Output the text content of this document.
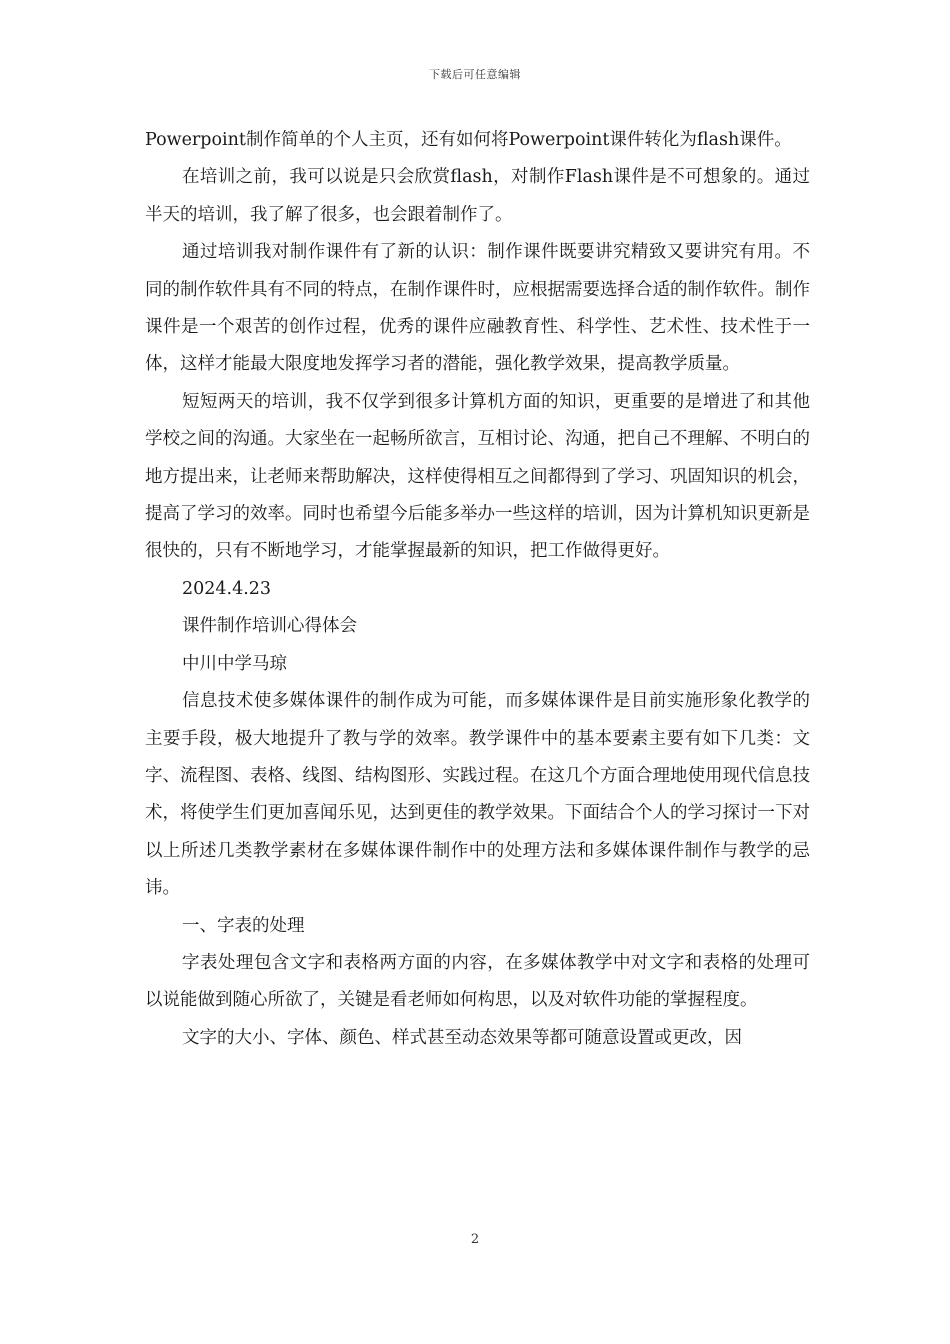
下载后可任意编辑

Powerpoint制作简单的个人主页，还有如何将Powerpoint课件转化为flash课件。

在培训之前，我可以说是只会欣赏flash，对制作Flash课件是不可想象的。通过半天的培训，我了解了很多，也会跟着制作了。

通过培训我对制作课件有了新的认识：制作课件既要讲究精致又要讲究有用。不同的制作软件具有不同的特点，在制作课件时，应根据需要选择合适的制作软件。制作课件是一个艰苦的创作过程，优秀的课件应融教育性、科学性、艺术性、技术性于一体，这样才能最大限度地发挥学习者的潜能，强化教学效果，提高教学质量。

短短两天的培训，我不仅学到很多计算机方面的知识，更重要的是增进了和其他学校之间的沟通。大家坐在一起畅所欲言，互相讨论、沟通，把自己不理解、不明白的地方提出来，让老师来帮助解决，这样使得相互之间都得到了学习、巩固知识的机会，提高了学习的效率。同时也希望今后能多举办一些这样的培训，因为计算机知识更新是很快的，只有不断地学习，才能掌握最新的知识，把工作做得更好。

2024.4.23

课件制作培训心得体会

中川中学马琼

信息技术使多媒体课件的制作成为可能，而多媒体课件是目前实施形象化教学的主要手段，极大地提升了教与学的效率。教学课件中的基本要素主要有如下几类：文字、流程图、表格、线图、结构图形、实践过程。在这几个方面合理地使用现代信息技术，将使学生们更加喜闻乐见，达到更佳的教学效果。下面结合个人的学习探讨一下对以上所述几类教学素材在多媒体课件制作中的处理方法和多媒体课件制作与教学的忌讳。

一、字表的处理

字表处理包含文字和表格两方面的内容，在多媒体教学中对文字和表格的处理可以说能做到随心所欲了，关键是看老师如何构思，以及对软件功能的掌握程度。

文字的大小、字体、颜色、样式甚至动态效果等都可随意设置或更改，因

2
